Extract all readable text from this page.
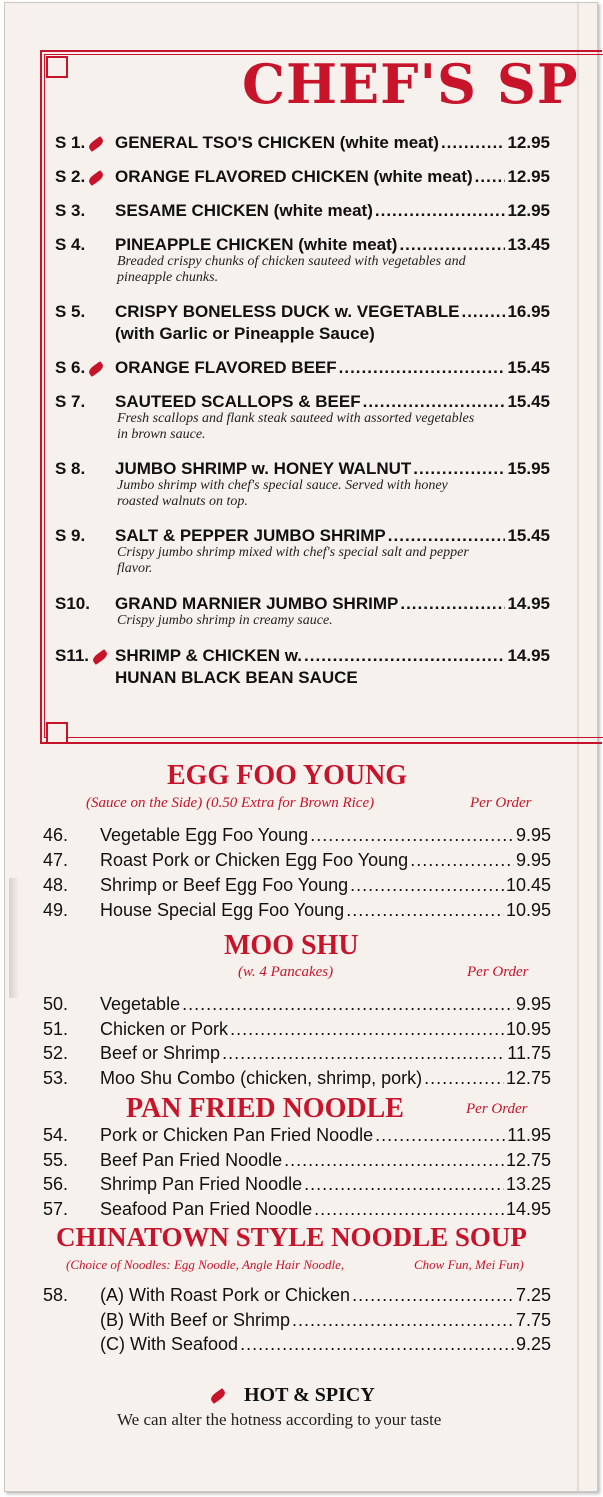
CHEF'S SP
S 1.	GENERAL TSO'S CHICKEN (white meat) .....	12.95
S 2.	ORANGE FLAVORED CHICKEN (white meat) ..... 12.95
S 3. SESAME CHICKEN (white meat) .....	12.95
S 4. PINEAPPLE CHICKEN (white meat) .....	13.45
Breaded crispy chunks of chicken sauteed with vegetables and pineapple chunks.
S 5. CRISPY BONELESS DUCK w. VEGETABLE .....	16.95
(with Garlic or Pineapple Sauce)
S 6.	ORANGE FLAVORED BEEF .....	15.45
S 7. SAUTEED SCALLOPS & BEEF .....	15.45
Fresh scallops and flank steak sauteed with assorted vegetables in brown sauce.
S 8. JUMBO SHRIMP w. HONEY WALNUT .....	15.95
Jumbo shrimp with chef's special sauce. Served with honey roasted walnuts on top.
S 9. SALT & PEPPER JUMBO SHRIMP .....	15.45
Crispy jumbo shrimp mixed with chef's special salt and pepper flavor.
S10. GRAND MARNIER JUMBO SHRIMP .....	14.95
Crispy jumbo shrimp in creamy sauce.
S11.	SHRIMP & CHICKEN w. .....	14.95
HUNAN BLACK BEAN SAUCE
EGG FOO YOUNG
(Sauce on the Side) (0.50 Extra for Brown Rice)	Per Order
46.	Vegetable Egg Foo Young .....	9.95
47.	Roast Pork or Chicken Egg Foo Young .....	9.95
48.	Shrimp or Beef Egg Foo Young .....	10.45
49.	House Special Egg Foo Young .....	10.95
MOO SHU
(w. 4 Pancakes)	Per Order
50.	Vegetable .....	9.95
51.	Chicken or Pork .....	10.95
52.	Beef or Shrimp .....	11.75
53.	Moo Shu Combo (chicken, shrimp, pork) .....	12.75
PAN FRIED NOODLE	Per Order
54.	Pork or Chicken Pan Fried Noodle .....	11.95
55.	Beef Pan Fried Noodle .....	12.75
56.	Shrimp Pan Fried Noodle .....	13.25
57.	Seafood Pan Fried Noodle .....	14.95
CHINATOWN STYLE NOODLE SOUP
(Choice of Noodles: Egg Noodle, Angle Hair Noodle,	Chow Fun, Mei Fun)
58.	(A) With Roast Pork or Chicken .....	7.25
(B) With Beef or Shrimp .....	7.75
(C) With Seafood .....	9.25
HOT & SPICY
We can alter the hotness according to your taste
